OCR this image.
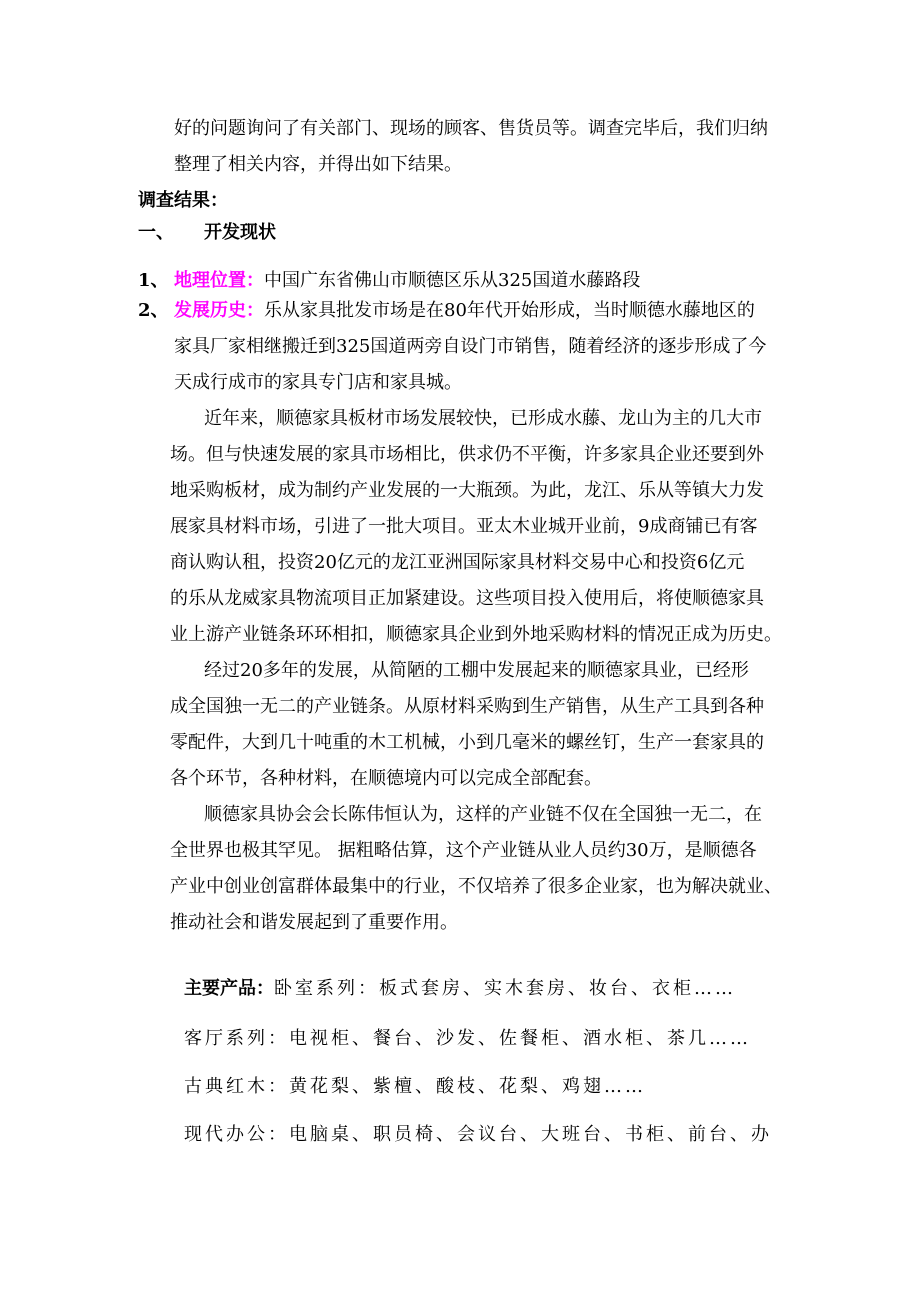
好的问题询问了有关部门、现场的顾客、售货员等。调查完毕后，我们归纳
整理了相关内容，并得出如下结果。
调查结果：
一、 开发现状
1、 地理位置：中国广东省佛山市顺德区乐从325国道水藤路段
2、 发展历史：乐从家具批发市场是在80年代开始形成，当时顺德水藤地区的
家具厂家相继搬迁到325国道两旁自设门市销售，随着经济的逐步形成了今
天成行成市的家具专门店和家具城。
近年来，顺德家具板材市场发展较快，已形成水藤、龙山为主的几大市
场。但与快速发展的家具市场相比，供求仍不平衡，许多家具企业还要到外
地采购板材，成为制约产业发展的一大瓶颈。为此，龙江、乐从等镇大力发
展家具材料市场，引进了一批大项目。亚太木业城开业前，9成商铺已有客
商认购认租，投资20亿元的龙江亚洲国际家具材料交易中心和投资6亿元
的乐从龙威家具物流项目正加紧建设。这些项目投入使用后，将使顺德家具
业上游产业链条环环相扣，顺德家具企业到外地采购材料的情况正成为历史。
经过20多年的发展，从简陋的工棚中发展起来的顺德家具业，已经形
成全国独一无二的产业链条。从原材料采购到生产销售，从生产工具到各种
零配件，大到几十吨重的木工机械，小到几毫米的螺丝钉，生产一套家具的
各个环节，各种材料，在顺德境内可以完成全部配套。
顺德家具协会会长陈伟恒认为，这样的产业链不仅在全国独一无二，在
全世界也极其罕见。 据粗略估算，这个产业链从业人员约30万，是顺德各
产业中创业创富群体最集中的行业，不仅培养了很多企业家，也为解决就业、
推动社会和谐发展起到了重要作用。
主要产品：卧室系列：板式套房、实木套房、妆台、衣柜……
客厅系列：电视柜、餐台、沙发、佐餐柜、酒水柜、茶几……
古典红木：黄花梨、紫檀、酸枝、花梨、鸡翅……
现代办公：电脑桌、职员椅、会议台、大班台、书柜、前台、办
